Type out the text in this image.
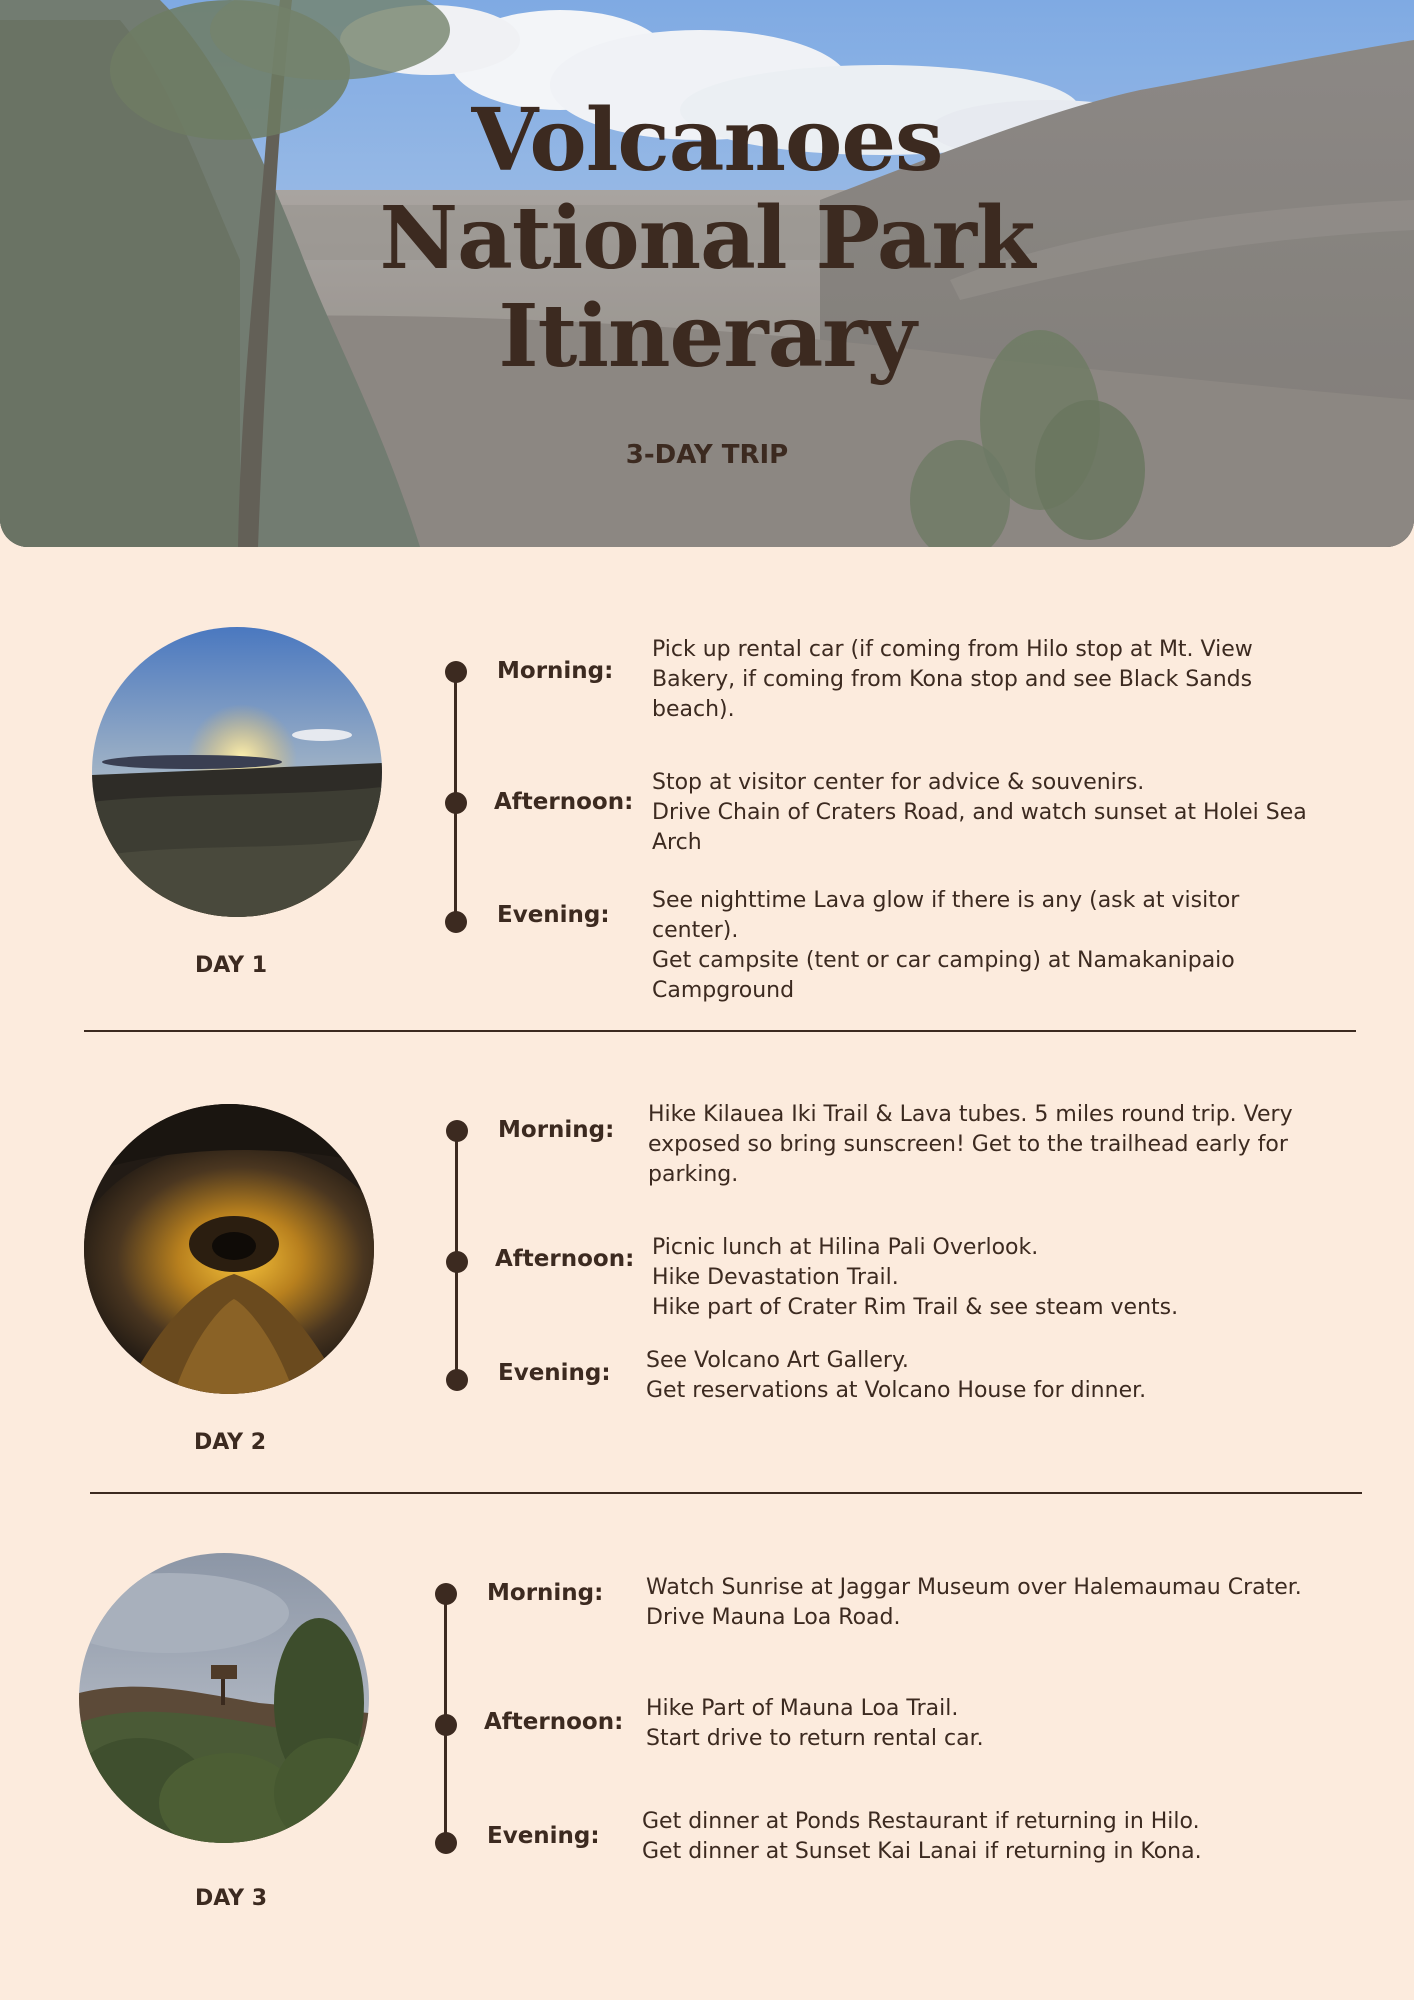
Volcanoes
National Park
Itinerary
3-DAY TRIP
DAY 1
Morning:
Afternoon:
Evening:
Pick up rental car (if coming from Hilo stop at Mt. View
Bakery, if coming from Kona stop and see Black Sands
beach).
Stop at visitor center for advice & souvenirs.
Drive Chain of Craters Road, and watch sunset at Holei Sea
Arch
See nighttime Lava glow if there is any (ask at visitor
center).
Get campsite (tent or car camping) at Namakanipaio
Campground
DAY 2
Morning:
Afternoon:
Evening:
Hike Kilauea Iki Trail & Lava tubes. 5 miles round trip. Very
exposed so bring sunscreen! Get to the trailhead early for
parking.
Picnic lunch at Hilina Pali Overlook.
Hike Devastation Trail.
Hike part of Crater Rim Trail & see steam vents.
See Volcano Art Gallery.
Get reservations at Volcano House for dinner.
DAY 3
Morning:
Afternoon:
Evening:
Watch Sunrise at Jaggar Museum over Halemaumau Crater.
Drive Mauna Loa Road.
Hike Part of Mauna Loa Trail.
Start drive to return rental car.
Get dinner at Ponds Restaurant if returning in Hilo.
Get dinner at Sunset Kai Lanai if returning in Kona.
